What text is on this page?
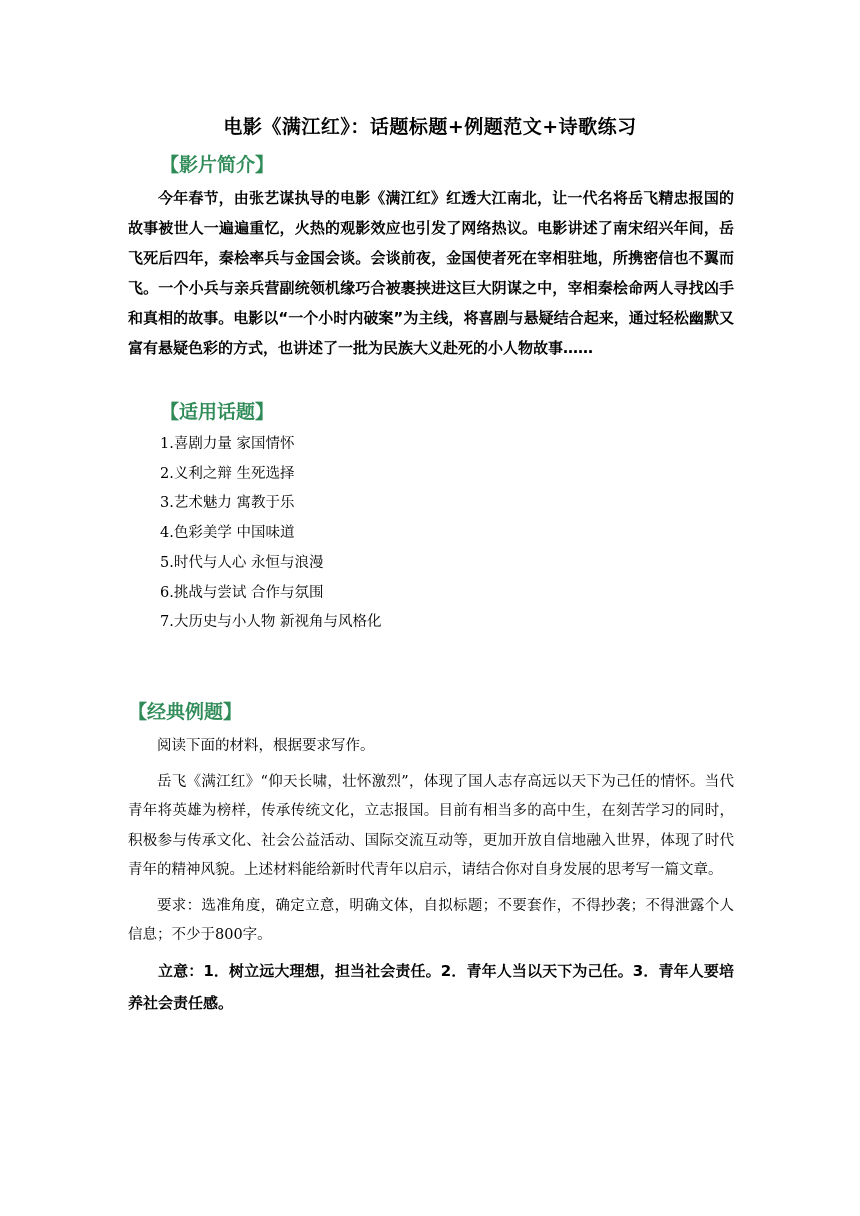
电影《满江红》：话题标题+例题范文+诗歌练习
【影片简介】

今年春节，由张艺谋执导的电影《满江红》红透大江南北，让一代名将岳飞精忠报国的故事被世人一遍遍重忆，火热的观影效应也引发了网络热议。电影讲述了南宋绍兴年间，岳飞死后四年，秦桧率兵与金国会谈。会谈前夜，金国使者死在宰相驻地，所携密信也不翼而飞。一个小兵与亲兵营副统领机缘巧合被裹挟进这巨大阴谋之中，宰相秦桧命两人寻找凶手和真相的故事。电影以“一个小时内破案”为主线，将喜剧与悬疑结合起来，通过轻松幽默又富有悬疑色彩的方式，也讲述了一批为民族大义赴死的小人物故事……

【适用话题】
1.喜剧力量 家国情怀
2.义利之辩 生死选择
3.艺术魅力 寓教于乐
4.色彩美学 中国味道
5.时代与人心 永恒与浪漫
6.挑战与尝试 合作与氛围
7.大历史与小人物 新视角与风格化
【经典例题】

阅读下面的材料，根据要求写作。

岳飞《满江红》“仰天长啸，壮怀激烈”，体现了国人志存高远以天下为己任的情怀。当代青年将英雄为榜样，传承传统文化，立志报国。目前有相当多的高中生，在刻苦学习的同时，积极参与传承文化、社会公益活动、国际交流互动等，更加开放自信地融入世界，体现了时代青年的精神风貌。上述材料能给新时代青年以启示，请结合你对自身发展的思考写一篇文章。

要求：选准角度，确定立意，明确文体，自拟标题；不要套作，不得抄袭；不得泄露个人信息；不少于800字。

立意：1．树立远大理想，担当社会责任。2．青年人当以天下为己任。3．青年人要培养社会责任感。
